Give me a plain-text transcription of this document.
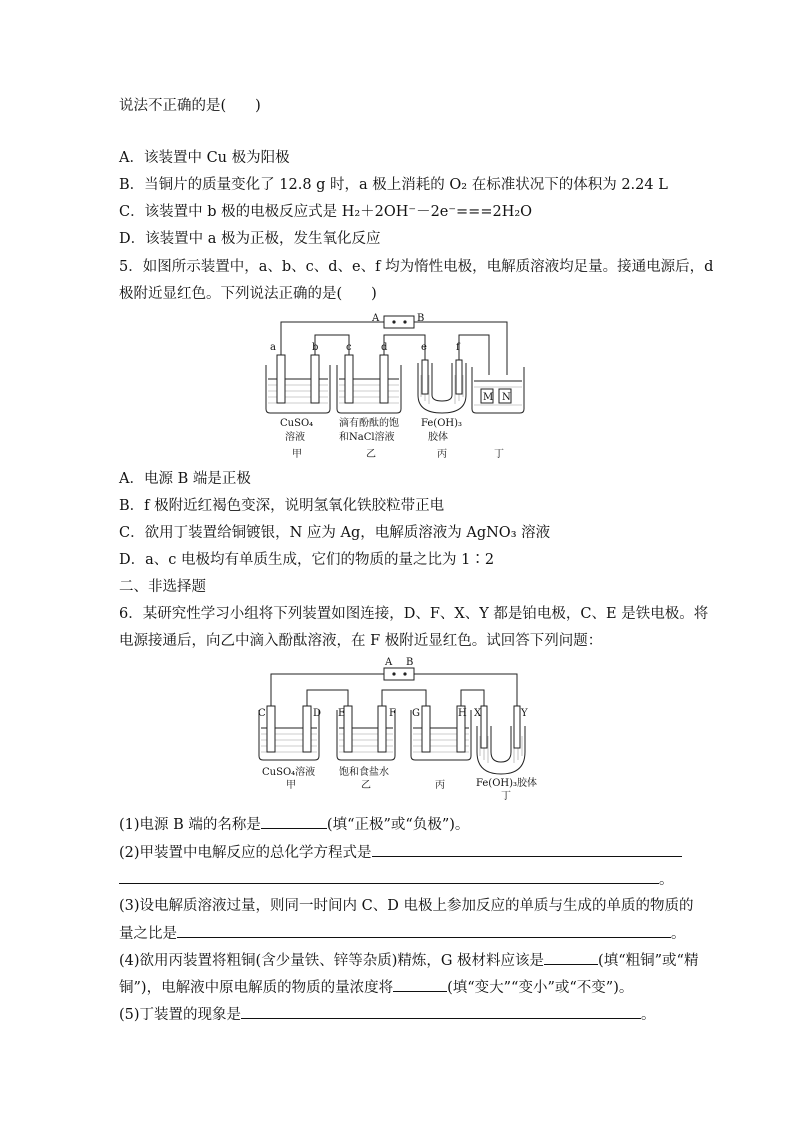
说法不正确的是(　　)
A．该装置中 Cu 极为阳极
B．当铜片的质量变化了 12.8 g 时，a 极上消耗的 O₂ 在标准状况下的体积为 2.24 L
C．该装置中 b 极的电极反应式是 H₂＋2OH⁻－2e⁻===2H₂O
D．该装置中 a 极为正极，发生氧化反应
5．如图所示装置中，a、b、c、d、e、f 均为惰性电极，电解质溶液均足量。接通电源后，d
极附近显红色。下列说法正确的是(　　)
A	B
a	b	c	d	e	f
M N
CuSO₄
溶液
滴有酚酞的饱
和NaCl溶液
Fe(OH)₃
胶体
甲	乙	丙	丁
A．电源 B 端是正极
B．f 极附近红褐色变深，说明氢氧化铁胶粒带正电
C．欲用丁装置给铜镀银，N 应为 Ag，电解质溶液为 AgNO₃ 溶液
D．a、c 电极均有单质生成，它们的物质的量之比为 1∶2
二、非选择题
6．某研究性学习小组将下列装置如图连接，D、F、X、Y 都是铂电极，C、E 是铁电极。将
电源接通后，向乙中滴入酚酞溶液，在 F 极附近显红色。试回答下列问题：
A B
C	D E	F G	H X	Y
CuSO₄溶液 饱和食盐水
Fe(OH)₃胶体
甲	乙	丙
丁
(1)电源 B 端的名称是	(填“正极”或“负极”)。
(2)甲装置中电解反应的总化学方程式是
。
(3)设电解质溶液过量，则同一时间内 C、D 电极上参加反应的单质与生成的单质的物质的
量之比是	。
(4)欲用丙装置将粗铜(含少量铁、锌等杂质)精炼，G 极材料应该是	(填“粗铜”或“精
铜”)，电解液中原电解质的物质的量浓度将	(填“变大”“变小”或“不变”)。
(5)丁装置的现象是	。
